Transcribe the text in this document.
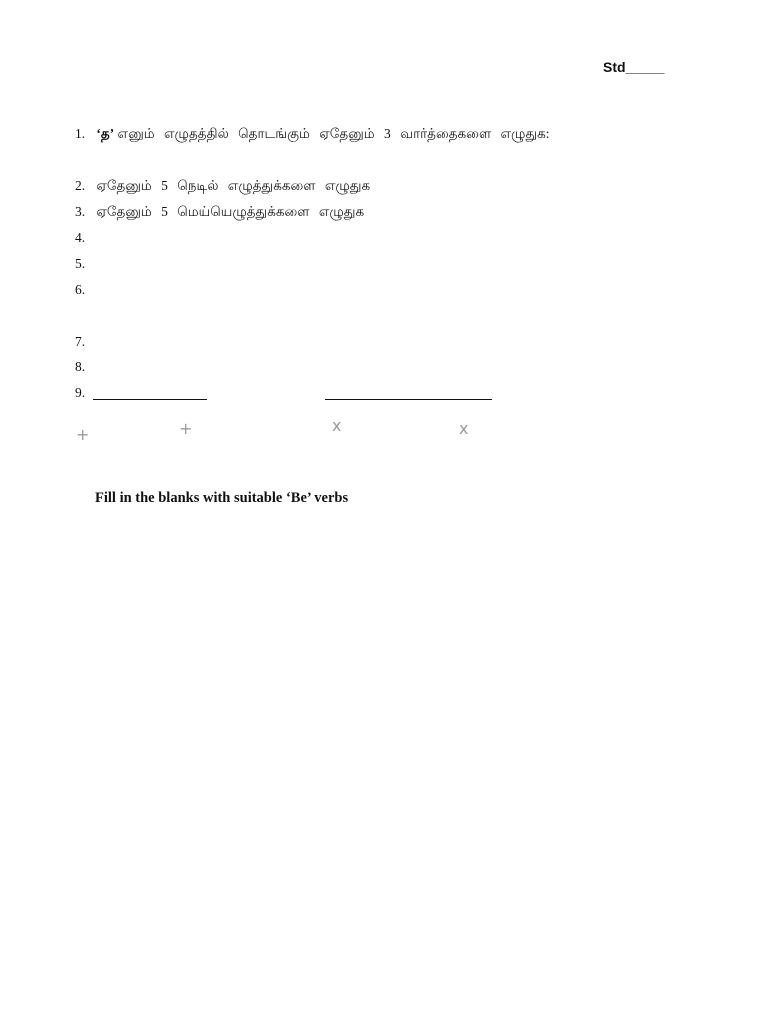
Std_____
1. ‘த’ எனும் எழுதத்தில் தொடங்கும் ஏதேனும் 3 வார்த்தைகளை எழுதுக:
2. ஏதேனும் 5 நெடில் எழுத்துக்களை எழுதுக
3. ஏதேனும் 5 மெய்யெழுத்துக்களை எழுதுக
4.
5.
6.
7.
8.
9.
+	+	x	x
Fill in the blanks with suitable ‘Be’ verbs
